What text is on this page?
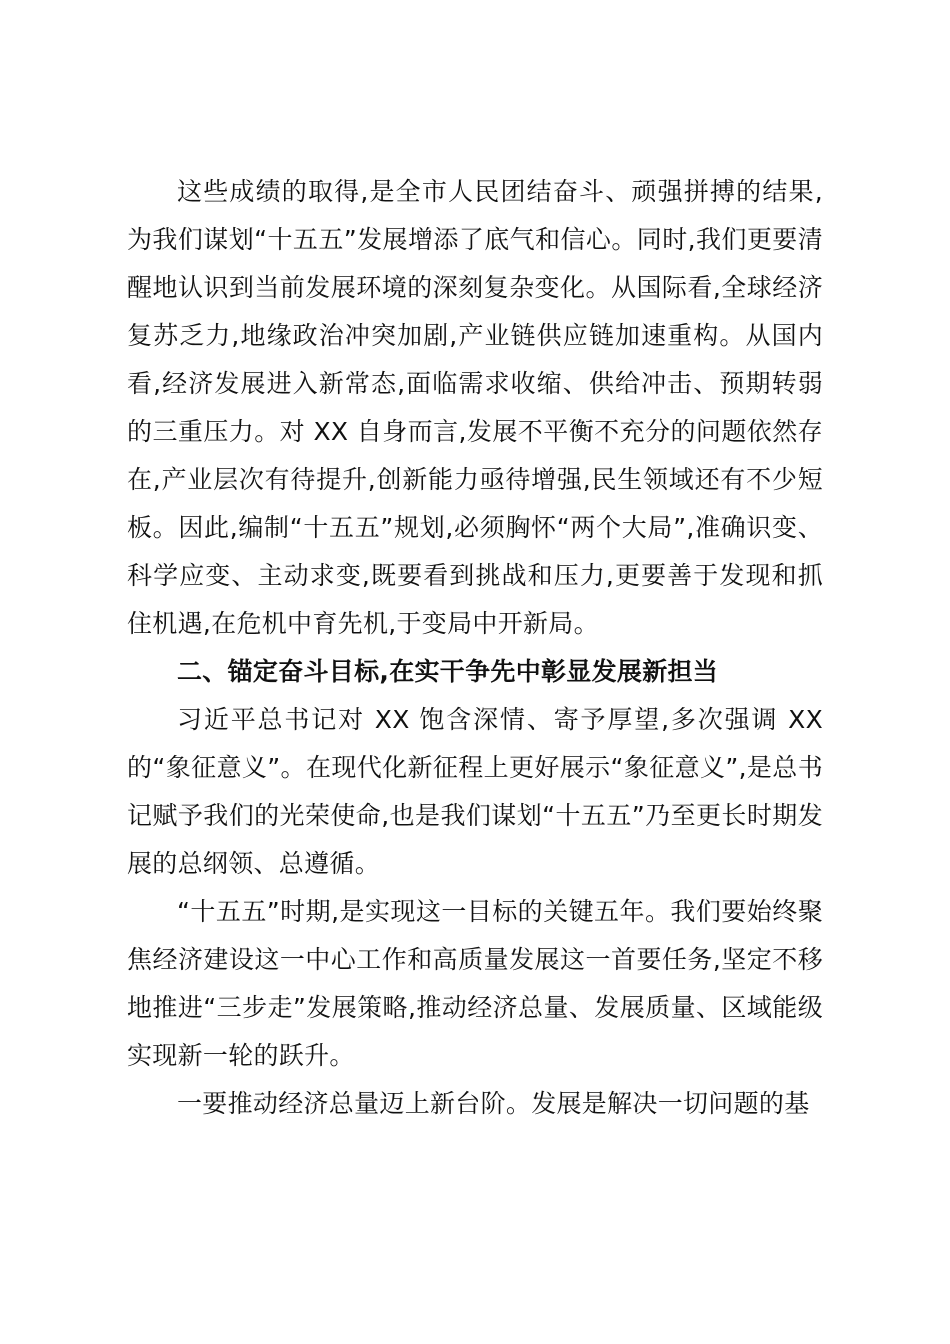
这些成绩的取得,是全市人民团结奋斗、顽强拼搏的结果,为我们谋划“十五五”发展增添了底气和信心。同时,我们更要清醒地认识到当前发展环境的深刻复杂变化。从国际看,全球经济复苏乏力,地缘政治冲突加剧,产业链供应链加速重构。从国内看,经济发展进入新常态,面临需求收缩、供给冲击、预期转弱的三重压力。对 XX 自身而言,发展不平衡不充分的问题依然存在,产业层次有待提升,创新能力亟待增强,民生领域还有不少短板。因此,编制“十五五”规划,必须胸怀“两个大局”,准确识变、科学应变、主动求变,既要看到挑战和压力,更要善于发现和抓住机遇,在危机中育先机,于变局中开新局。

二、锚定奋斗目标,在实干争先中彰显发展新担当

习近平总书记对 XX 饱含深情、寄予厚望,多次强调 XX 的“象征意义”。在现代化新征程上更好展示“象征意义”,是总书记赋予我们的光荣使命,也是我们谋划“十五五”乃至更长时期发展的总纲领、总遵循。

“十五五”时期,是实现这一目标的关键五年。我们要始终聚焦经济建设这一中心工作和高质量发展这一首要任务,坚定不移地推进“三步走”发展策略,推动经济总量、发展质量、区域能级实现新一轮的跃升。

一要推动经济总量迈上新台阶。发展是解决一切问题的基
